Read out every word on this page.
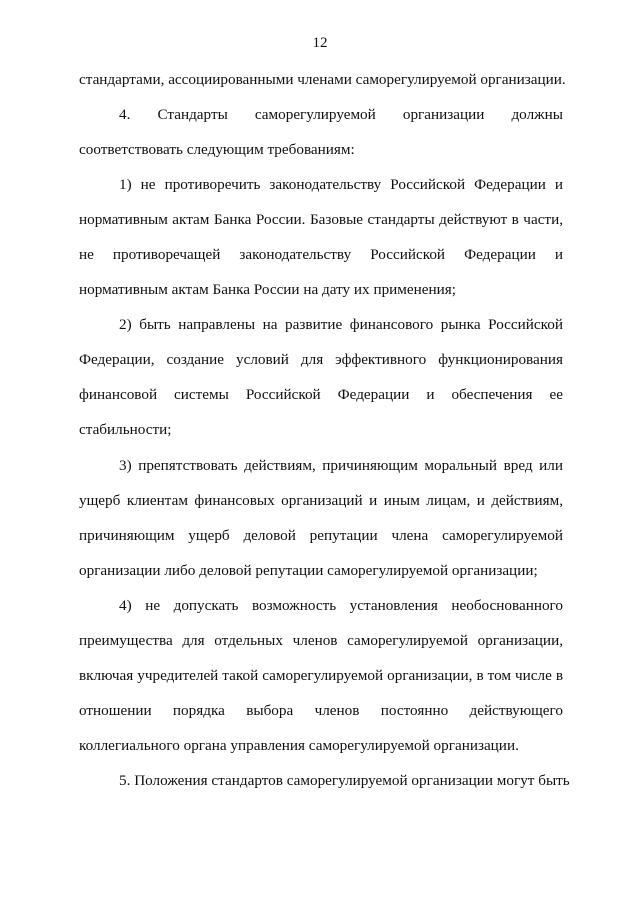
12
стандартами, ассоциированными членами саморегулируемой организации.
4. Стандарты саморегулируемой организации должны
соответствовать следующим требованиям:
1) не противоречить законодательству Российской Федерации и
нормативным актам Банка России. Базовые стандарты действуют в части,
не противоречащей законодательству Российской Федерации и
нормативным актам Банка России на дату их применения;
2) быть направлены на развитие финансового рынка Российской
Федерации, создание условий для эффективного функционирования
финансовой системы Российской Федерации и обеспечения ее
стабильности;
3) препятствовать действиям, причиняющим моральный вред или
ущерб клиентам финансовых организаций и иным лицам, и действиям,
причиняющим ущерб деловой репутации члена саморегулируемой
организации либо деловой репутации саморегулируемой организации;
4) не допускать возможность установления необоснованного
преимущества для отдельных членов саморегулируемой организации,
включая учредителей такой саморегулируемой организации, в том числе в
отношении порядка выбора членов постоянно действующего
коллегиального органа управления саморегулируемой организации.
5. Положения стандартов саморегулируемой организации могут быть
